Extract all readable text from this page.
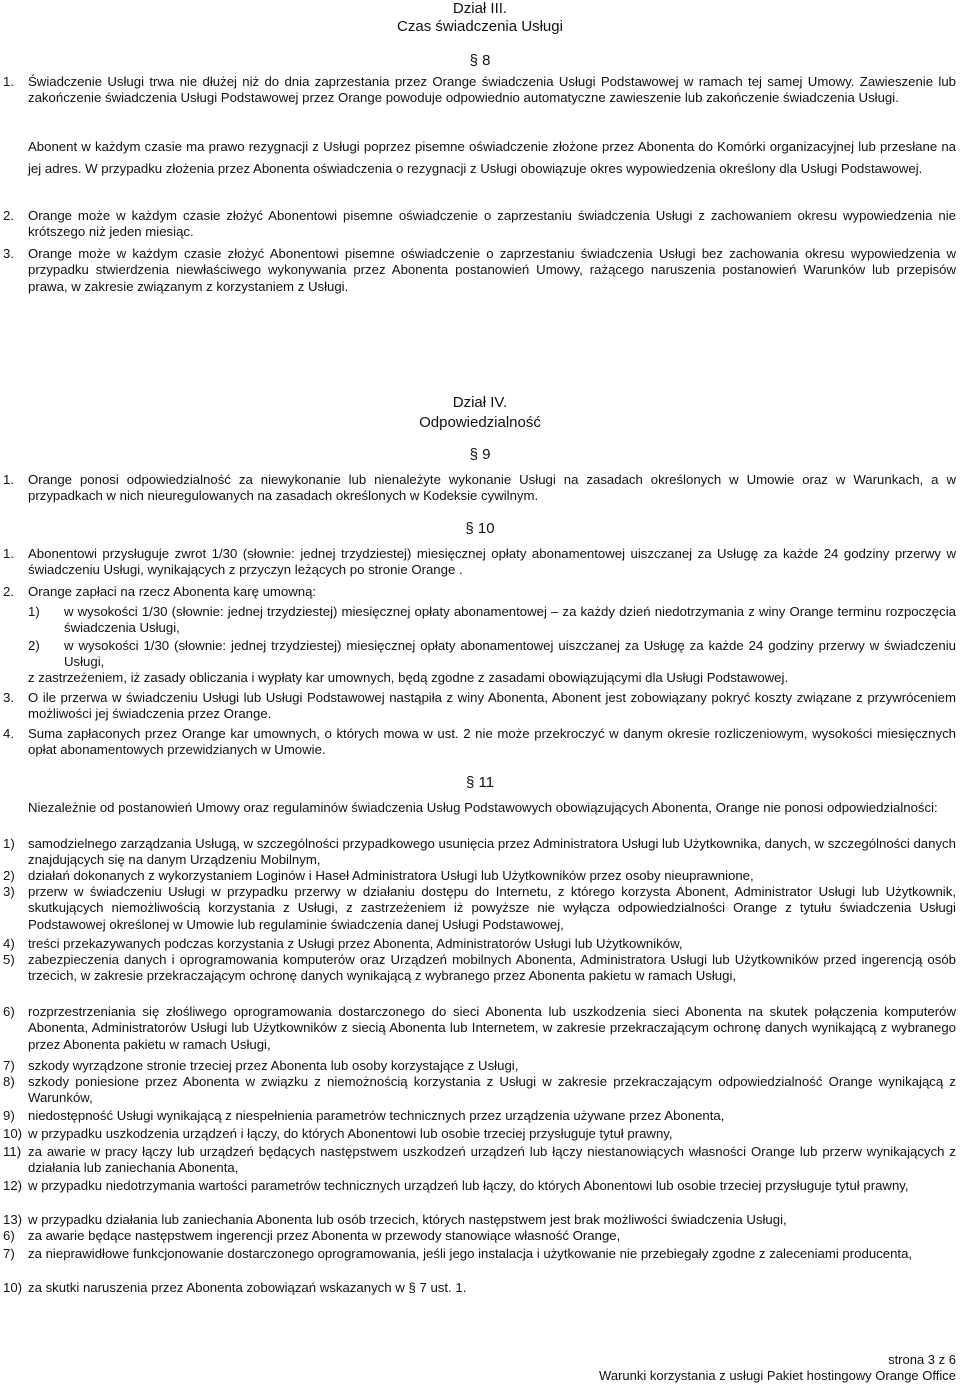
Dział III.
Czas świadczenia Usługi
§ 8
1. Świadczenie Usługi trwa nie dłużej niż do dnia zaprzestania przez Orange świadczenia Usługi Podstawowej w ramach tej samej Umowy. Zawieszenie lub zakończenie świadczenia Usługi Podstawowej przez Orange powoduje odpowiednio automatyczne zawieszenie lub zakończenie świadczenia Usługi.
Abonent w każdym czasie ma prawo rezygnacji z Usługi poprzez pisemne oświadczenie złożone przez Abonenta do Komórki organizacyjnej lub przesłane na jej adres. W przypadku złożenia przez Abonenta oświadczenia o rezygnacji z Usługi obowiązuje okres wypowiedzenia określony dla Usługi Podstawowej.
2. Orange może w każdym czasie złożyć Abonentowi pisemne oświadczenie o zaprzestaniu świadczenia Usługi z zachowaniem okresu wypowiedzenia nie krótszego niż jeden miesiąc.
3. Orange może w każdym czasie złożyć Abonentowi pisemne oświadczenie o zaprzestaniu świadczenia Usługi bez zachowania okresu wypowiedzenia w przypadku stwierdzenia niewłaściwego wykonywania przez Abonenta postanowień Umowy, rażącego naruszenia postanowień Warunków lub przepisów prawa, w zakresie związanym z korzystaniem z Usługi.
Dział IV.
Odpowiedzialność
§ 9
1. Orange ponosi odpowiedzialność za niewykonanie lub nienależyte wykonanie Usługi na zasadach określonych w Umowie oraz w Warunkach, a w przypadkach w nich nieuregulowanych na zasadach określonych w Kodeksie cywilnym.
§ 10
1. Abonentowi przysługuje zwrot 1/30 (słownie: jednej trzydziestej) miesięcznej opłaty abonamentowej uiszczanej za Usługę za każde 24 godziny przerwy w świadczeniu Usługi, wynikających z przyczyn leżących po stronie Orange .
2. Orange zapłaci na rzecz Abonenta karę umowną:
1) w wysokości 1/30 (słownie: jednej trzydziestej) miesięcznej opłaty abonamentowej – za każdy dzień niedotrzymania z winy Orange terminu rozpoczęcia świadczenia Usługi,
2) w wysokości 1/30 (słownie: jednej trzydziestej) miesięcznej opłaty abonamentowej uiszczanej za Usługę za każde 24 godziny przerwy w świadczeniu Usługi,
z zastrzeżeniem, iż zasady obliczania i wypłaty kar umownych, będą zgodne z zasadami obowiązującymi dla Usługi Podstawowej.
3. O ile przerwa w świadczeniu Usługi lub Usługi Podstawowej nastąpiła z winy Abonenta, Abonent jest zobowiązany pokryć koszty związane z przywróceniem możliwości jej świadczenia przez Orange.
4. Suma zapłaconych przez Orange kar umownych, o których mowa w ust. 2 nie może przekroczyć w danym okresie rozliczeniowym, wysokości miesięcznych opłat abonamentowych przewidzianych w Umowie.
§ 11
Niezależnie od postanowień Umowy oraz regulaminów świadczenia Usług Podstawowych obowiązujących Abonenta, Orange nie ponosi odpowiedzialności:
1) samodzielnego zarządzania Usługą, w szczególności przypadkowego usunięcia przez Administratora Usługi lub Użytkownika, danych, w szczególności danych znajdujących się na danym Urządzeniu Mobilnym,
2) działań dokonanych z wykorzystaniem Loginów i Haseł Administratora Usługi lub Użytkowników przez osoby nieuprawnione,
3) przerw w świadczeniu Usługi w przypadku przerwy w działaniu dostępu do Internetu, z którego korzysta Abonent, Administrator Usługi lub Użytkownik, skutkujących niemożliwością korzystania z Usługi, z zastrzeżeniem iż powyższe nie wyłącza odpowiedzialności Orange z tytułu świadczenia Usługi Podstawowej określonej w Umowie lub regulaminie świadczenia danej Usługi Podstawowej,
4) treści przekazywanych podczas korzystania z Usługi przez Abonenta, Administratorów Usługi lub Użytkowników,
5) zabezpieczenia danych i oprogramowania komputerów oraz Urządzeń mobilnych Abonenta, Administratora Usługi lub Użytkowników przed ingerencją osób trzecich, w zakresie przekraczającym ochronę danych wynikającą z wybranego przez Abonenta pakietu w ramach Usługi,
6) rozprzestrzeniania się złośliwego oprogramowania dostarczonego do sieci Abonenta lub uszkodzenia sieci Abonenta na skutek połączenia komputerów Abonenta, Administratorów Usługi lub Użytkowników z siecią Abonenta lub Internetem, w zakresie przekraczającym ochronę danych wynikającą z wybranego przez Abonenta pakietu w ramach Usługi,
7) szkody wyrządzone stronie trzeciej przez Abonenta lub osoby korzystające z Usługi,
8) szkody poniesione przez Abonenta w związku z niemożnością korzystania z Usługi w zakresie przekraczającym odpowiedzialność Orange wynikającą z Warunków,
9) niedostępność Usługi wynikającą z niespełnienia parametrów technicznych przez urządzenia używane przez Abonenta,
10) w przypadku uszkodzenia urządzeń i łączy, do których Abonentowi lub osobie trzeciej przysługuje tytuł prawny,
11) za awarie w pracy łączy lub urządzeń będących następstwem uszkodzeń urządzeń lub łączy niestanowiących własności Orange lub przerw wynikających z działania lub zaniechania Abonenta,
12) w przypadku niedotrzymania wartości parametrów technicznych urządzeń lub łączy, do których Abonentowi lub osobie trzeciej przysługuje tytuł prawny,
13) w przypadku działania lub zaniechania Abonenta lub osób trzecich, których następstwem jest brak możliwości świadczenia Usługi,
6) za awarie będące następstwem ingerencji przez Abonenta w przewody stanowiące własność Orange,
7) za nieprawidłowe funkcjonowanie dostarczonego oprogramowania, jeśli jego instalacja i użytkowanie nie przebiegały zgodne z zaleceniami producenta,
10) za skutki naruszenia przez Abonenta zobowiązań wskazanych w § 7 ust. 1.
strona 3 z 6
Warunki korzystania z usługi Pakiet hostingowy Orange Office
